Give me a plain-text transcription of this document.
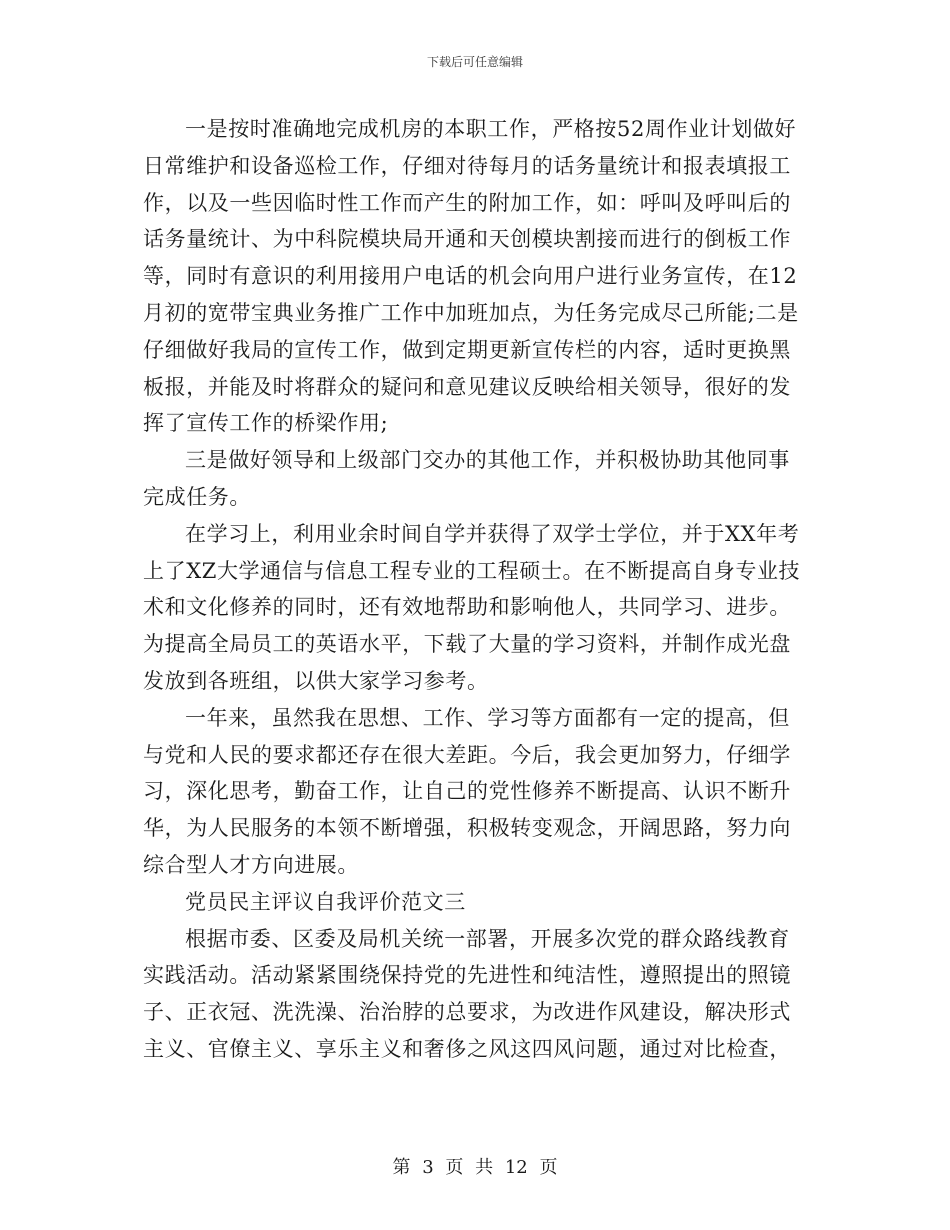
下载后可任意编辑

一是按时准确地完成机房的本职工作，严格按52周作业计划做好
日常维护和设备巡检工作，仔细对待每月的话务量统计和报表填报工
作，以及一些因临时性工作而产生的附加工作，如：呼叫及呼叫后的
话务量统计、为中科院模块局开通和天创模块割接而进行的倒板工作
等，同时有意识的利用接用户电话的机会向用户进行业务宣传，在12
月初的宽带宝典业务推广工作中加班加点，为任务完成尽己所能;二是
仔细做好我局的宣传工作，做到定期更新宣传栏的内容，适时更换黑
板报，并能及时将群众的疑问和意见建议反映给相关领导，很好的发
挥了宣传工作的桥梁作用;

三是做好领导和上级部门交办的其他工作，并积极协助其他同事
完成任务。

在学习上，利用业余时间自学并获得了双学士学位，并于XX年考
上了XZ大学通信与信息工程专业的工程硕士。在不断提高自身专业技
术和文化修养的同时，还有效地帮助和影响他人，共同学习、进步。
为提高全局员工的英语水平，下载了大量的学习资料，并制作成光盘
发放到各班组，以供大家学习参考。

一年来，虽然我在思想、工作、学习等方面都有一定的提高，但
与党和人民的要求都还存在很大差距。今后，我会更加努力，仔细学
习，深化思考，勤奋工作，让自己的党性修养不断提高、认识不断升
华，为人民服务的本领不断增强，积极转变观念，开阔思路，努力向
综合型人才方向进展。

党员民主评议自我评价范文三

根据市委、区委及局机关统一部署，开展多次党的群众路线教育
实践活动。活动紧紧围绕保持党的先进性和纯洁性，遵照提出的照镜
子、正衣冠、洗洗澡、治治脖的总要求，为改进作风建设，解决形式
主义、官僚主义、享乐主义和奢侈之风这四风问题，通过对比检查，

第 3 页 共 12 页
